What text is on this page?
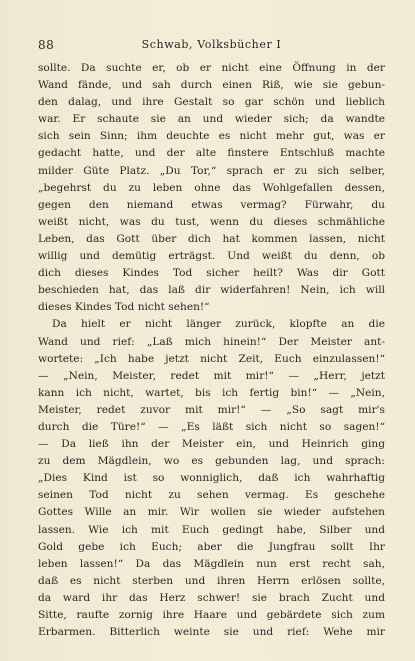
88	Schwab, Volksbücher I
sollte. Da suchte er, ob er nicht eine Öffnung in der
Wand fände, und sah durch einen Riß, wie sie gebun-
den dalag, und ihre Gestalt so gar schön und lieblich
war. Er schaute sie an und wieder sich; da wandte
sich sein Sinn; ihm deuchte es nicht mehr gut, was er
gedacht hatte, und der alte finstere Entschluß machte
milder Güte Platz. „Du Tor,“ sprach er zu sich selber,
„begehrst du zu leben ohne das Wohlgefallen dessen,
gegen den niemand etwas vermag? Fürwahr, du
weißt nicht, was du tust, wenn du dieses schmähliche
Leben, das Gott über dich hat kommen lassen, nicht
willig und demütig erträgst. Und weißt du denn, ob
dich dieses Kindes Tod sicher heilt? Was dir Gott
beschieden hat, das laß dir widerfahren! Nein, ich will
dieses Kindes Tod nicht sehen!“
Da hielt er nicht länger zurück, klopfte an die
Wand und rief: „Laß mich hinein!“ Der Meister ant-
wortete: „Ich habe jetzt nicht Zeit, Euch einzulassen!“
— „Nein, Meister, redet mit mir!“ — „Herr, jetzt
kann ich nicht, wartet, bis ich fertig bin!“ — „Nein,
Meister, redet zuvor mit mir!“ — „So sagt mir's
durch die Türe!“ — „Es läßt sich nicht so sagen!“
— Da ließ ihn der Meister ein, und Heinrich ging
zu dem Mägdlein, wo es gebunden lag, und sprach:
„Dies Kind ist so wonniglich, daß ich wahrhaftig
seinen Tod nicht zu sehen vermag. Es geschehe
Gottes Wille an mir. Wir wollen sie wieder aufstehen
lassen. Wie ich mit Euch gedingt habe, Silber und
Gold gebe ich Euch; aber die Jungfrau sollt Ihr
leben lassen!“ Da das Mägdlein nun erst recht sah,
daß es nicht sterben und ihren Herrn erlösen sollte,
da ward ihr das Herz schwer! sie brach Zucht und
Sitte, raufte zornig ihre Haare und gebärdete sich zum
Erbarmen. Bitterlich weinte sie und rief: Wehe mir
